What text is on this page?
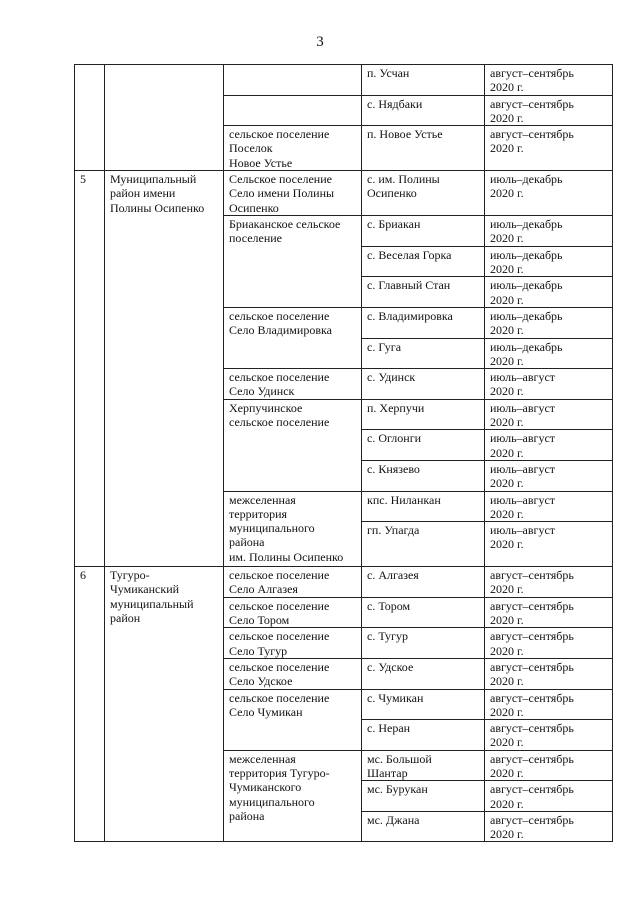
3
			п. Усчан	август–сентябрь
2020 г.
			с. Нядбаки	август–сентябрь
2020 г.
		сельское поселение
Поселок
Новое Устье	п. Новое Устье	август–сентябрь
2020 г.
5	Муниципальный
район имени
Полины Осипенко	Сельское поселение
Село имени Полины
Осипенко	с. им. Полины
Осипенко	июль–декабрь
2020 г.
		Бриаканское сельское
поселение	с. Бриакан	июль–декабрь
2020 г.
			с. Веселая Горка	июль–декабрь
2020 г.
			с. Главный Стан	июль–декабрь
2020 г.
		сельское поселение
Село Владимировка	с. Владимировка	июль–декабрь
2020 г.
			с. Гуга	июль–декабрь
2020 г.
		сельское поселение
Село Удинск	с. Удинск	июль–август
2020 г.
		Херпучинское
сельское поселение	п. Херпучи	июль–август
2020 г.
			с. Оглонги	июль–август
2020 г.
			с. Князево	июль–август
2020 г.
		межселенная
территория
муниципального
района
им. Полины Осипенко	кпс. Ниланкан	июль–август
2020 г.
			гп. Упагда	июль–август
2020 г.
6	Тугуро-
Чумиканский
муниципальный
район	сельское поселение
Село Алгазея	с. Алгазея	август–сентябрь
2020 г.
		сельское поселение
Село Тором	с. Тором	август–сентябрь
2020 г.
		сельское поселение
Село Тугур	с. Тугур	август–сентябрь
2020 г.
		сельское поселение
Село Удское	с. Удское	август–сентябрь
2020 г.
		сельское поселение
Село Чумикан	с. Чумикан	август–сентябрь
2020 г.
			с. Неран	август–сентябрь
2020 г.
		межселенная
территория Тугуро-
Чумиканского
муниципального
района	мс. Большой
Шантар	август–сентябрь
2020 г.
			мс. Бурукан	август–сентябрь
2020 г.
			мс. Джана	август–сентябрь
2020 г.
